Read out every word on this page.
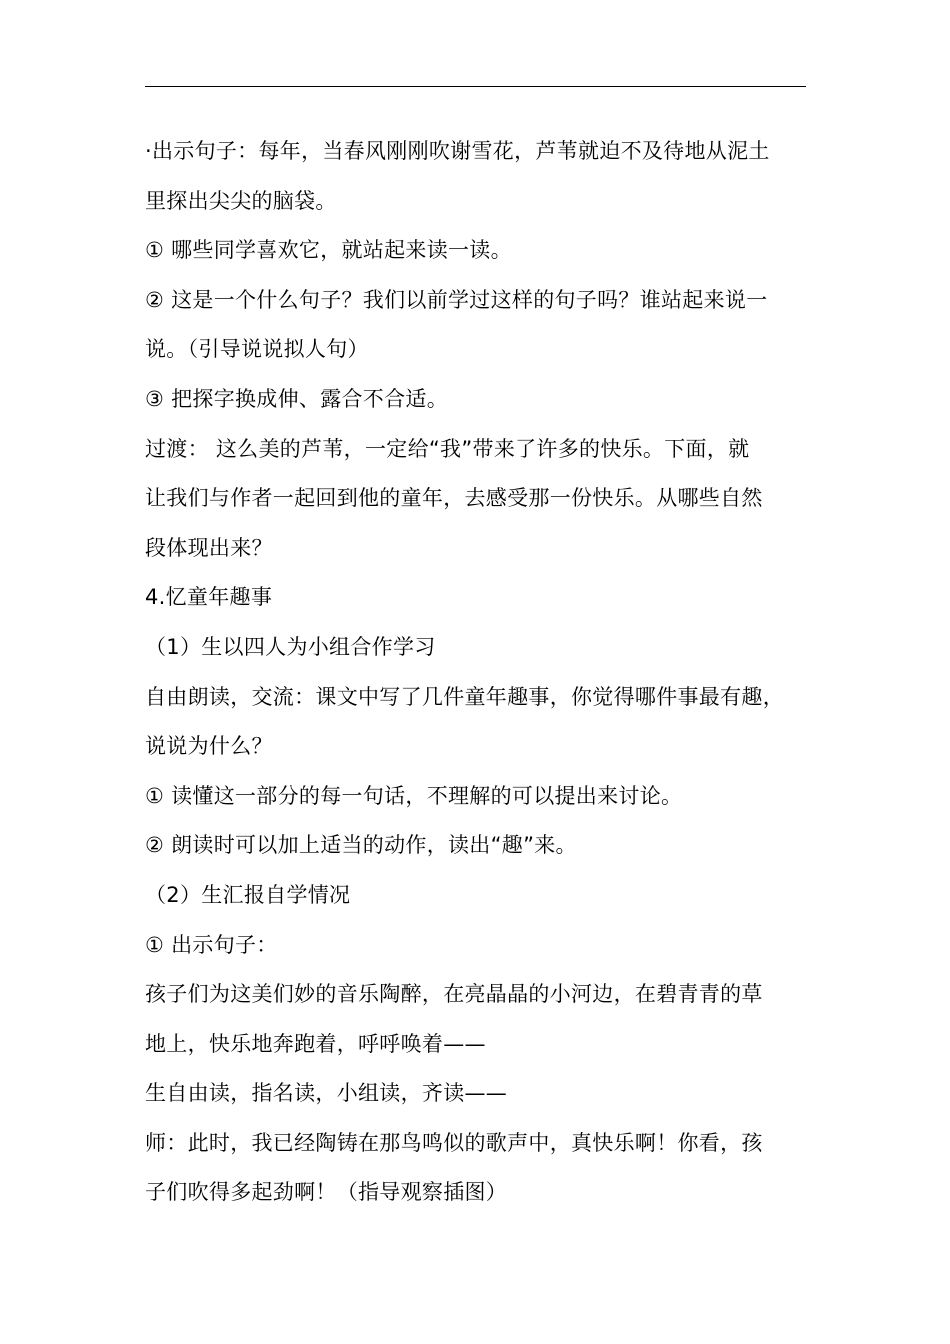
·出示句子：每年，当春风刚刚吹谢雪花，芦苇就迫不及待地从泥土
里探出尖尖的脑袋。
① 哪些同学喜欢它，就站起来读一读。
② 这是一个什么句子？我们以前学过这样的句子吗？谁站起来说一
说。（引导说说拟人句）
③ 把探字换成伸、露合不合适。
过渡： 这么美的芦苇，一定给“我”带来了许多的快乐。下面，就
让我们与作者一起回到他的童年，去感受那一份快乐。从哪些自然
段体现出来？
4.忆童年趣事
（1）生以四人为小组合作学习
自由朗读，交流：课文中写了几件童年趣事，你觉得哪件事最有趣，
说说为什么？
① 读懂这一部分的每一句话，不理解的可以提出来讨论。
② 朗读时可以加上适当的动作，读出“趣”来。
（2）生汇报自学情况
① 出示句子：
孩子们为这美们妙的音乐陶醉，在亮晶晶的小河边，在碧青青的草
地上，快乐地奔跑着，呼呼唤着——
生自由读，指名读，小组读，齐读——
师：此时，我已经陶铸在那鸟鸣似的歌声中，真快乐啊！你看，孩
子们吹得多起劲啊！（指导观察插图）
